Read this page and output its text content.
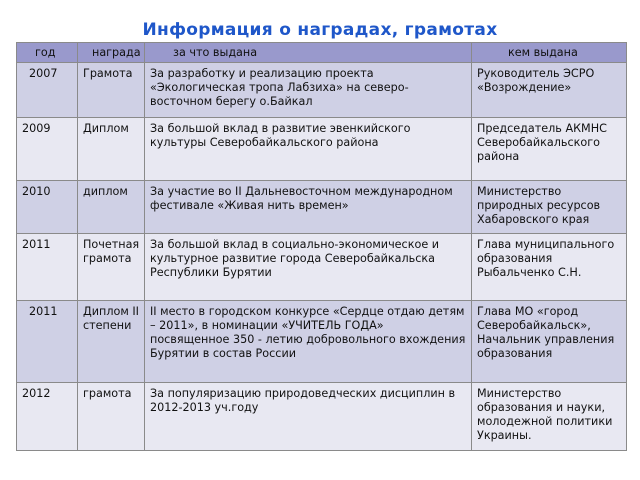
Информация о наградах, грамотах
год	награда	за что выдана	кем выдана
2007	Грамота	За разработку и реализацию проекта «Экологическая тропа Лабзиха» на северо-восточном берегу о.Байкал	Руководитель ЭСРО «Возрождение»
2009	Диплом	За большой вклад в развитие эвенкийского культуры Северобайкальского района	Председатель АКМНС Северобайкальского района
2010	диплом	За участие во II Дальневосточном международном фестивале «Живая нить времен»	Министерство природных ресурсов Хабаровского края
2011	Почетная грамота	За большой вклад в социально-экономическое и культурное развитие города Северобайкальска Республики Бурятии	Глава муниципального образования Рыбальченко С.Н.
2011	Диплом II степени	II место в городском конкурсе «Сердце отдаю детям – 2011», в номинации «УЧИТЕЛЬ ГОДА» посвященное 350 - летию добровольного вхождения Бурятии в состав России	Глава МО «город Северобайкальск», Начальник управления образования
2012	грамота	За популяризацию природоведческих дисциплин в 2012-2013 уч.году	Министерство образования и науки, молодежной политики Украины.
